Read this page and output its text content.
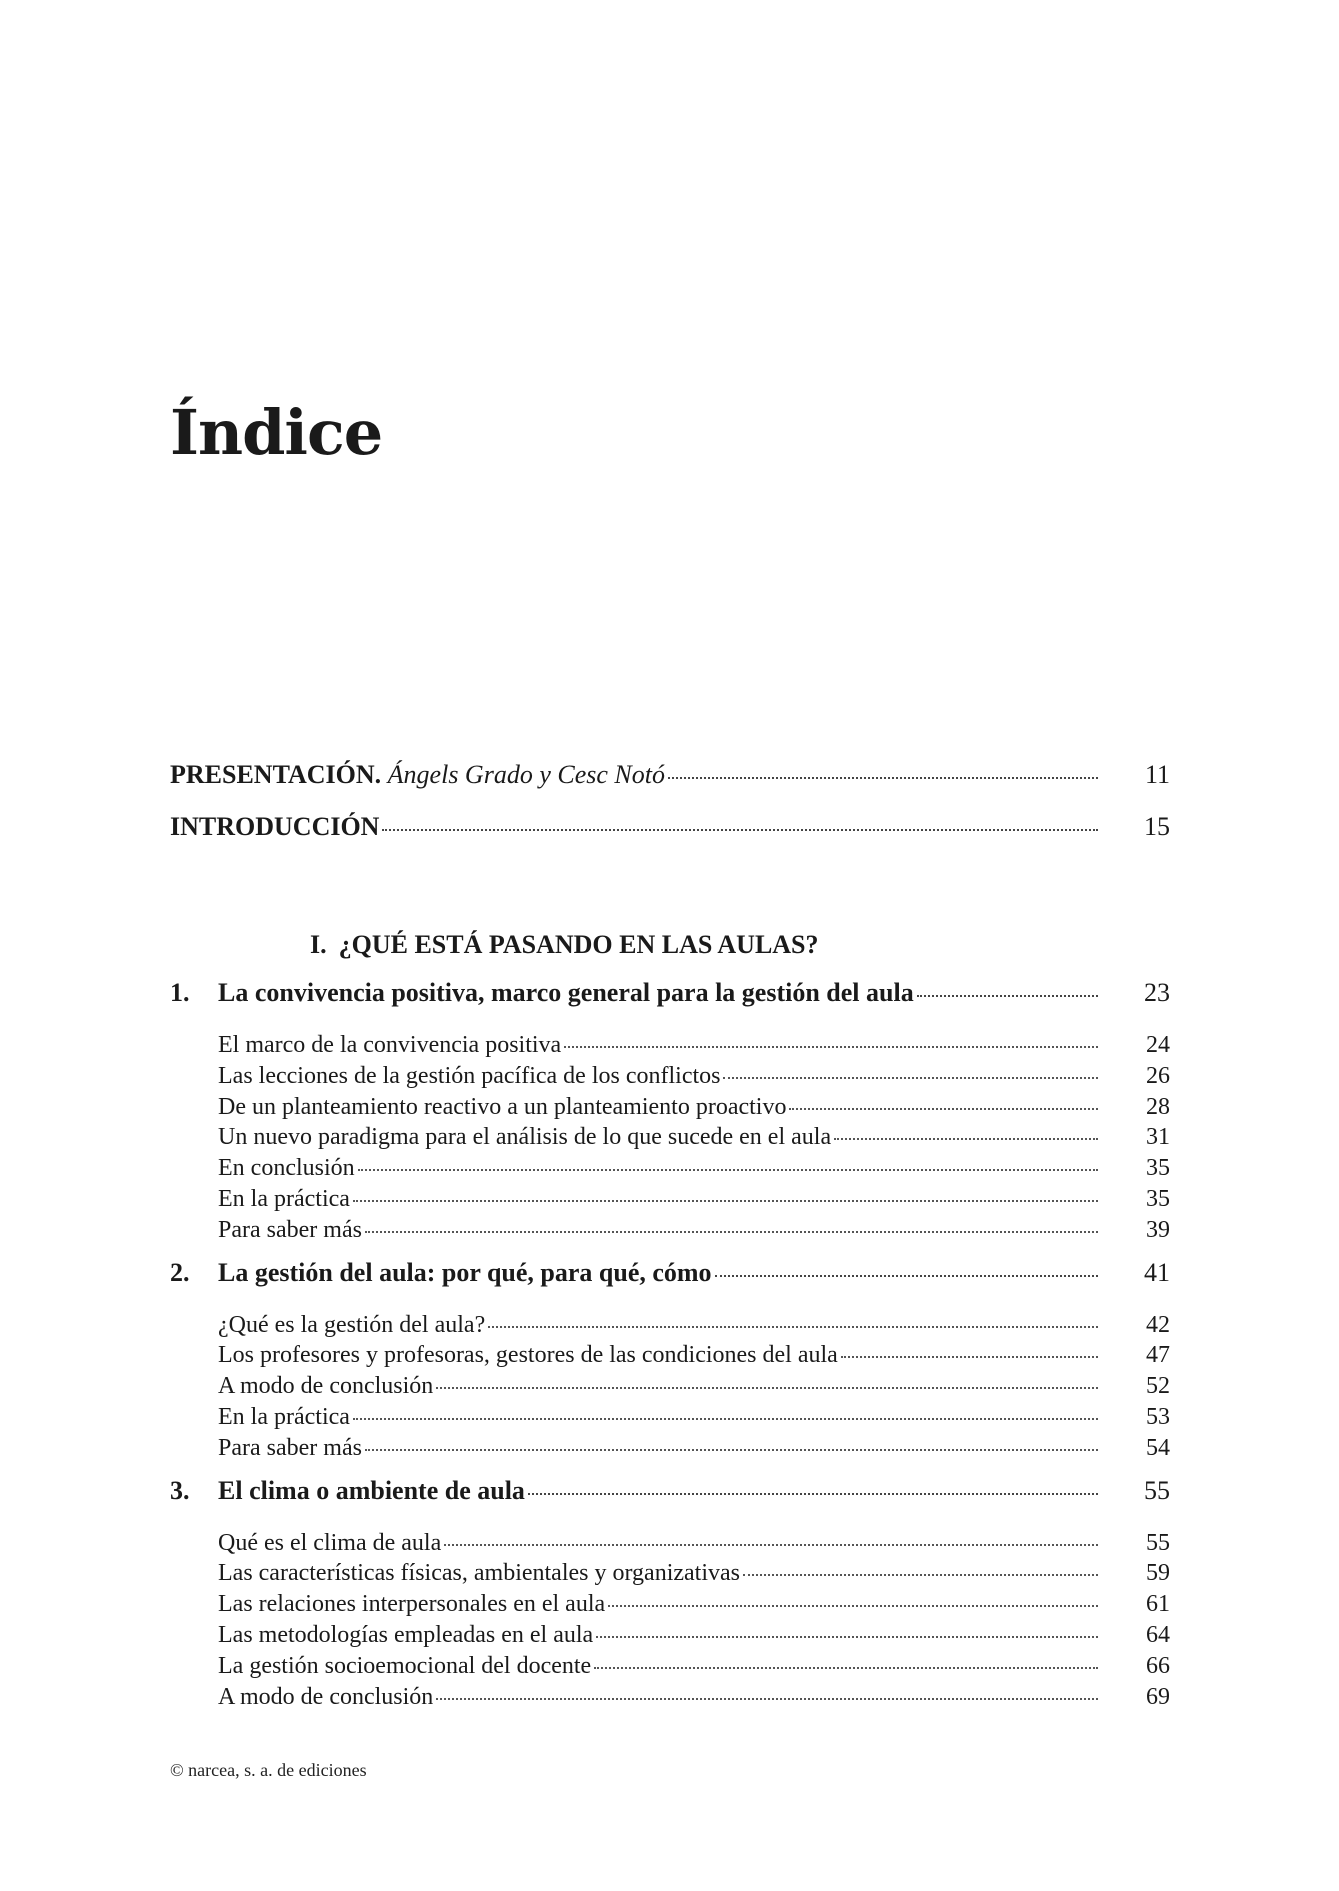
Índice
PRESENTACIÓN. Ángels Grado y Cesc Notó	11
INTRODUCCIÓN	15
I. ¿QUÉ ESTÁ PASANDO EN LAS AULAS?
1.	La convivencia positiva, marco general para la gestión del aula	23
El marco de la convivencia positiva	24
Las lecciones de la gestión pacífica de los conflictos	26
De un planteamiento reactivo a un planteamiento proactivo	28
Un nuevo paradigma para el análisis de lo que sucede en el aula	31
En conclusión	35
En la práctica	35
Para saber más	39
2.	La gestión del aula: por qué, para qué, cómo	41
¿Qué es la gestión del aula?	42
Los profesores y profesoras, gestores de las condiciones del aula	47
A modo de conclusión	52
En la práctica	53
Para saber más	54
3.	El clima o ambiente de aula	55
Qué es el clima de aula	55
Las características físicas, ambientales y organizativas	59
Las relaciones interpersonales en el aula	61
Las metodologías empleadas en el aula	64
La gestión socioemocional del docente	66
A modo de conclusión	69

© narcea, s. a. de ediciones
